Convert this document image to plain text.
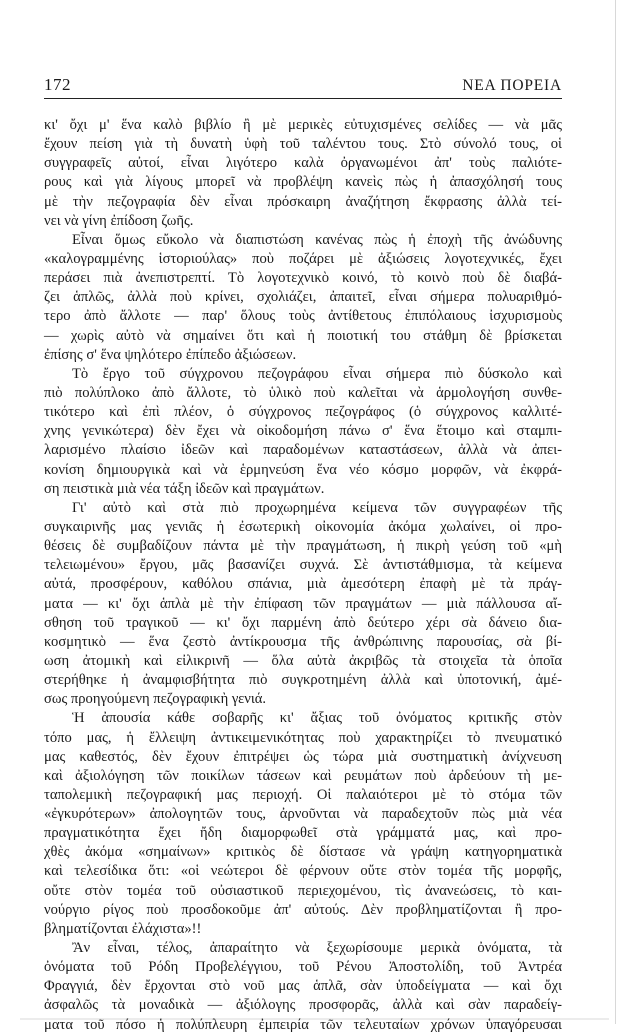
172	ΝΕΑ ΠΟΡΕΙΑ
κι' ὄχι μ' ἕνα καλὸ βιβλίο ἢ μὲ μερικὲς εὐτυχισμένες σελίδες — νὰ μᾶς
ἔχουν πείση γιὰ τὴ δυνατὴ ὑφὴ τοῦ ταλέντου τους. Στὸ σύνολό τους, οἱ
συγγραφεῖς αὐτοί, εἶναι λιγότερο καλὰ ὀργανωμένοι ἀπ' τοὺς παλιότε-
ρους καὶ γιὰ λίγους μπορεῖ νὰ προβλέψη κανεὶς πὼς ἡ ἀπασχόλησή τους
μὲ τὴν πεζογραφία δὲν εἶναι πρόσκαιρη ἀναζήτηση ἔκφρασης ἀλλὰ τεί-
νει νὰ γίνη ἐπίδοση ζωῆς.
Εἶναι ὅμως εὔκολο νὰ διαπιστώση κανένας πὼς ἡ ἐποχὴ τῆς ἀνώδυνης
«καλογραμμένης ἱστοριούλας» ποὺ ποζάρει μὲ ἀξιώσεις λογοτεχνικές, ἔχει
περάσει πιὰ ἀνεπιστρεπτί. Τὸ λογοτεχνικὸ κοινό, τὸ κοινὸ ποὺ δὲ διαβά-
ζει ἁπλῶς, ἀλλὰ ποὺ κρίνει, σχολιάζει, ἀπαιτεῖ, εἶναι σήμερα πολυαριθμό-
τερο ἀπὸ ἄλλοτε — παρ' ὅλους τοὺς ἀντίθετους ἐπιπόλαιους ἰσχυρισμοὺς
— χωρὶς αὐτὸ νὰ σημαίνει ὅτι καὶ ἡ ποιοτική του στάθμη δὲ βρίσκεται
ἐπίσης σ' ἕνα ψηλότερο ἐπίπεδο ἀξιώσεων.
Τὸ ἔργο τοῦ σύγχρονου πεζογράφου εἶναι σήμερα πιὸ δύσκολο καὶ
πιὸ πολύπλοκο ἀπὸ ἄλλοτε, τὸ ὑλικὸ ποὺ καλεῖται νὰ ἁρμολογήση συνθε-
τικότερο καὶ ἐπὶ πλέον, ὁ σύγχρονος πεζογράφος (ὁ σύγχρονος καλλιτέ-
χνης γενικώτερα) δὲν ἔχει νὰ οἰκοδομήση πάνω σ' ἕνα ἕτοιμο καὶ σταμπι-
λαρισμένο πλαίσιο ἰδεῶν καὶ παραδομένων καταστάσεων, ἀλλὰ νὰ ἀπει-
κονίση δημιουργικὰ καὶ νὰ ἑρμηνεύση ἕνα νέο κόσμο μορφῶν, νὰ ἐκφρά-
ση πειστικὰ μιὰ νέα τάξη ἰδεῶν καὶ πραγμάτων.
Γι' αὐτὸ καὶ στὰ πιὸ προχωρημένα κείμενα τῶν συγγραφέων τῆς
συγκαιρινῆς μας γενιᾶς ἡ ἐσωτερικὴ οἰκονομία ἀκόμα χωλαίνει, οἱ προ-
θέσεις δὲ συμβαδίζουν πάντα μὲ τὴν πραγμάτωση, ἡ πικρὴ γεύση τοῦ «μὴ
τελειωμένου» ἔργου, μᾶς βασανίζει συχνά. Σὲ ἀντιστάθμισμα, τὰ κείμενα
αὐτά, προσφέρουν, καθόλου σπάνια, μιὰ ἀμεσότερη ἐπαφὴ μὲ τὰ πράγ-
ματα — κι' ὄχι ἁπλὰ μὲ τὴν ἐπίφαση τῶν πραγμάτων — μιὰ πάλλουσα αἴ-
σθηση τοῦ τραγικοῦ — κι' ὄχι παρμένη ἀπὸ δεύτερο χέρι σὰ δάνειο δια-
κοσμητικὸ — ἕνα ζεστὸ ἀντίκρουσμα τῆς ἀνθρώπινης παρουσίας, σὰ βί-
ωση ἀτομικὴ καὶ εἰλικρινῆ — ὅλα αὐτὰ ἀκριβῶς τὰ στοιχεῖα τὰ ὁποῖα
στερήθηκε ἡ ἀναμφισβήτητα πιὸ συγκροτημένη ἀλλὰ καὶ ὑποτονική, ἀμέ-
σως προηγούμενη πεζογραφικὴ γενιά.
Ἡ ἀπουσία κάθε σοβαρῆς κι' ἄξιας τοῦ ὀνόματος κριτικῆς στὸν
τόπο μας, ἡ ἔλλειψη ἀντικειμενικότητας ποὺ χαρακτηρίζει τὸ πνευματικό
μας καθεστός, δὲν ἔχουν ἐπιτρέψει ὡς τώρα μιὰ συστηματικὴ ἀνίχνευση
καὶ ἀξιολόγηση τῶν ποικίλων τάσεων καὶ ρευμάτων ποὺ ἀρδεύουν τὴ με-
ταπολεμικὴ πεζογραφική μας περιοχή. Οἱ παλαιότεροι μὲ τὸ στόμα τῶν
«ἐγκυρότερων» ἀπολογητῶν τους, ἀρνοῦνται νὰ παραδεχτοῦν πὼς μιὰ νέα
πραγματικότητα ἔχει ἤδη διαμορφωθεῖ στὰ γράμματά μας, καὶ προ-
χθὲς ἀκόμα «σημαίνων» κριτικὸς δὲ δίστασε νὰ γράψη κατηγορηματικὰ
καὶ τελεσίδικα ὅτι: «οἱ νεώτεροι δὲ φέρνουν οὔτε στὸν τομέα τῆς μορφῆς,
οὔτε στὸν τομέα τοῦ οὐσιαστικοῦ περιεχομένου, τὶς ἀνανεώσεις, τὸ και-
νούργιο ρίγος ποὺ προσδοκοῦμε ἀπ' αὐτούς. Δὲν προβληματίζονται ἢ προ-
βληματίζονται ἐλάχιστα»!!
Ἂν εἶναι, τέλος, ἀπαραίτητο νὰ ξεχωρίσουμε μερικὰ ὀνόματα, τὰ
ὀνόματα τοῦ Ρόδη Προβελέγγιου, τοῦ Ρένου Ἀποστολίδη, τοῦ Ἀντρέα
Φραγγιά, δὲν ἔρχονται στὸ νοῦ μας ἁπλᾶ, σὰν ὑποδείγματα — καὶ ὄχι
ἀσφαλῶς τὰ μοναδικὰ — ἀξιόλογης προσφορᾶς, ἀλλὰ καὶ σὰν παραδείγ-
ματα τοῦ πόσο ἡ πολύπλευρη ἐμπειρία τῶν τελευταίων χρόνων ὑπαγόρευσαι
